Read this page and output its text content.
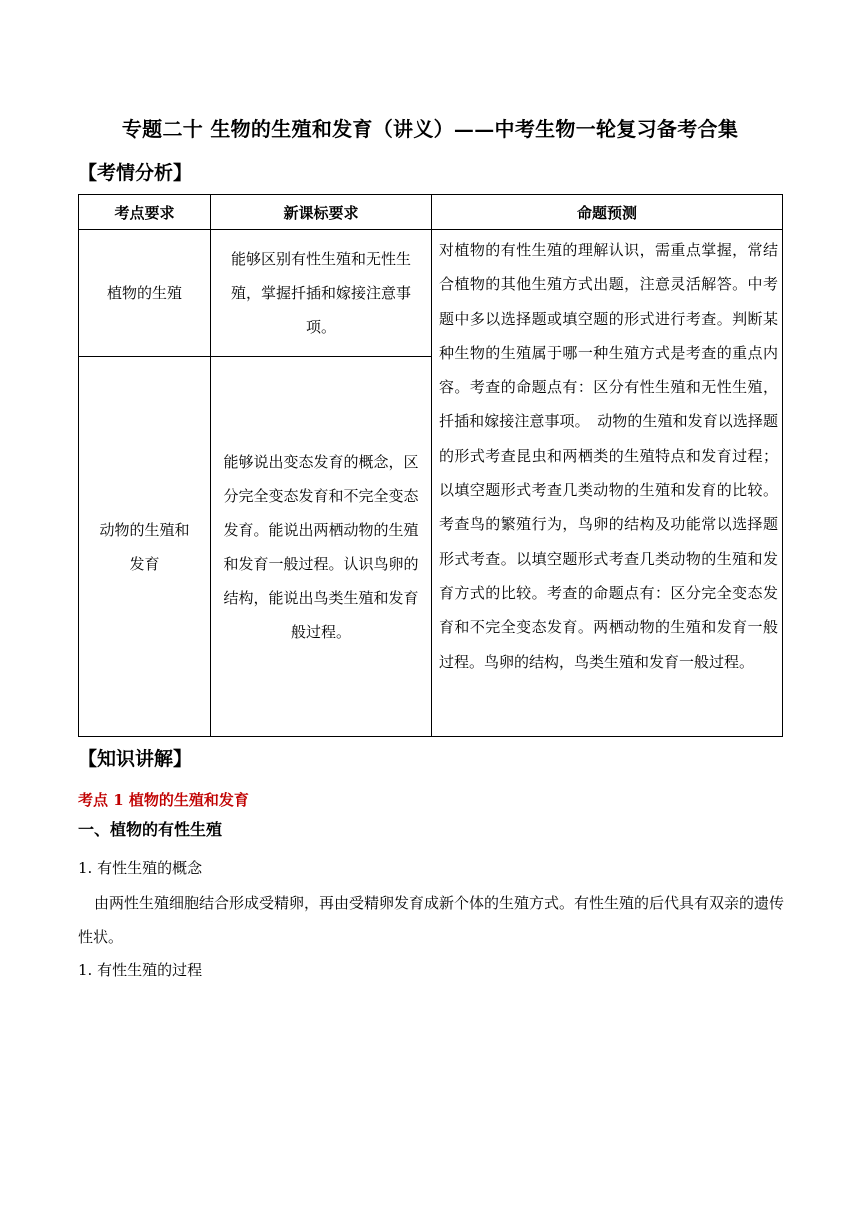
专题二十 生物的生殖和发育（讲义）——中考生物一轮复习备考合集
【考情分析】
考点要求	新课标要求	命题预测

植物的生殖	能够区别有性生殖和无性生殖，掌握扦插和嫁接注意事项。	对植物的有性生殖的理解认识，需重点掌握，常结合植物的其他生殖方式出题，注意灵活解答。中考题中多以选择题或填空题的形式进行考查。判断某种生物的生殖属于哪一种生殖方式是考查的重点内容。考查的命题点有：区分有性生殖和无性生殖，扦插和嫁接注意事项。　动物的生殖和发育以选择题的形式考查昆虫和两栖类的生殖特点和发育过程；以填空题形式考查几类动物的生殖和发育的比较。考查鸟的繁殖行为，鸟卵的结构及功能常以选择题形式考查。以填空题形式考查几类动物的生殖和发育方式的比较。考查的命题点有：区分完全变态发育和不完全变态发育。两栖动物的生殖和发育一般过程。鸟卵的结构，鸟类生殖和发育一般过程。

动物的生殖和
发育	能够说出变态发育的概念，区分完全变态发育和不完全变态发育。能说出两栖动物的生殖和发育一般过程。认识鸟卵的结构，能说出鸟类生殖和发育般过程。	
【知识讲解】
考点 1 植物的生殖和发育
一、植物的有性生殖
1. 有性生殖的概念
由两性生殖细胞结合形成受精卵，再由受精卵发育成新个体的生殖方式。有性生殖的后代具有双亲的遗传性状。
1. 有性生殖的过程
